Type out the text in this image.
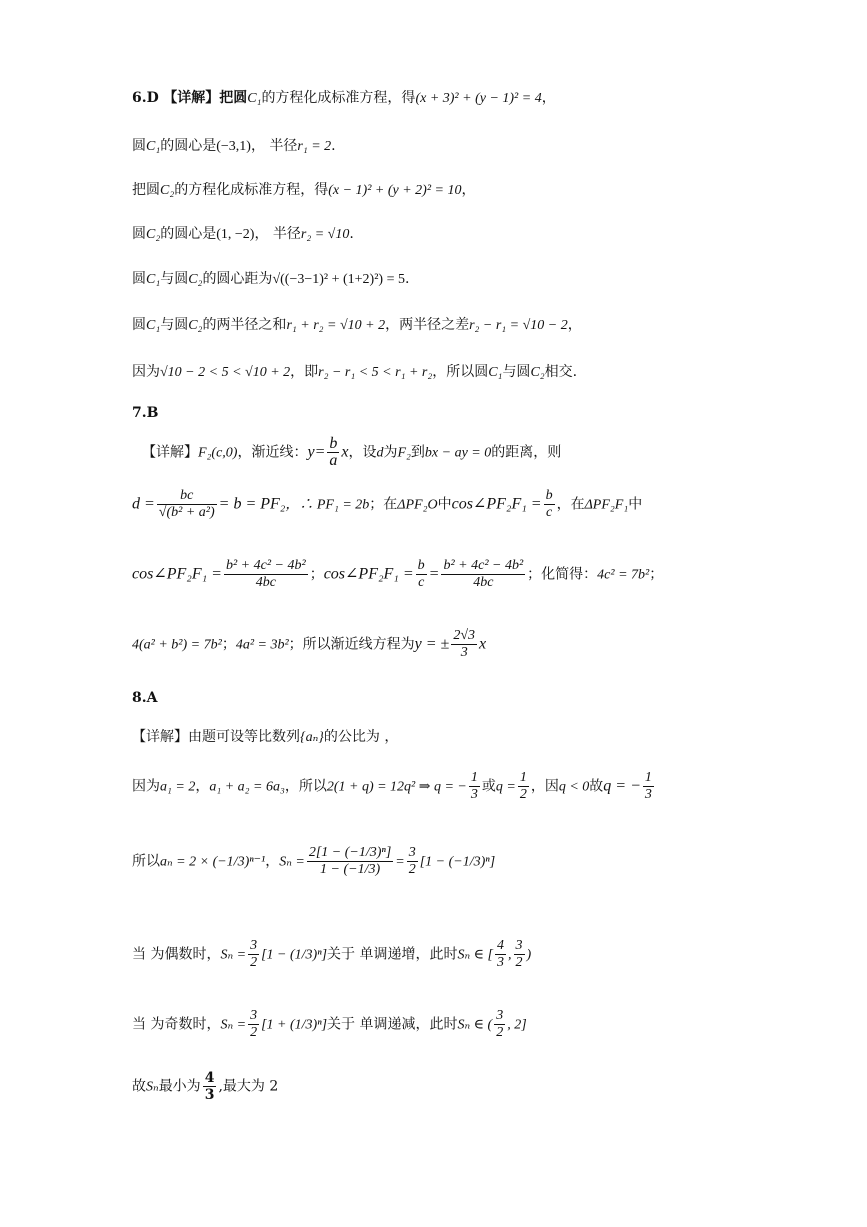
6.D 【详解】把圆C₁的方程化成标准方程，得(x + 3)² + (y − 1)² = 4，
圆C₁的圆心是(−3,1)， 半径r₁ = 2.
把圆C₂的方程化成标准方程，得(x − 1)² + (y + 2)² = 10，
圆C₂的圆心是(1, −2)， 半径r₂ = √10.
圆C₁与圆C₂的圆心距为√((−3−1)² + (1+2)²) = 5.
圆C₁与圆C₂的两半径之和r₁ + r₂ = √10 + 2，两半径之差r₂ − r₁ = √10 − 2，
因为√10 − 2 < 5 < √10 + 2，即r₂ − r₁ < 5 < r₁ + r₂，所以圆C₁与圆C₂相交.
7.B
【详解】F₂(c,0)，渐近线：$y= \frac{b}{a}$ x，设d为F₂到bx − ay = 0的距离，则
$d = \frac{bc}{\text{√(b² + a²)}} = b = PF_2$，∴ PF₁ = 2b；在ΔPF₂O中cos∠PF₂F₁ = $\frac{b}{c}$ ，在ΔPF₂F₁中
cos∠PF₂F₁ = $\frac{\text{b² + 4c² − 4b²}}{4bc}$ ；cos∠PF₂F₁ = $\frac{b}{c} = \frac{\text{b² + 4c² − 4b²}}{4bc}$ ；化简得：4c² = 7b²；
4(a² + b²) = 7b²；4a² = 3b²；所以渐近线方程为y = ± $\frac{2√3}{3}$ x
8.A
【详解】由题可设等比数列{aₙ}的公比为 ，
因为a₁ = 2，a₁ + a₂ = 6a₃，所以2(1 + q) = 12q² ⇒ q = − $\frac{1}{3}$ 或$q = \frac{1}{2}$ ，因q < 0故q = − $\frac{1}{3}$
所以aₙ = 2 × (−1/3)ⁿ⁻¹，$S_n = \frac{\text{2[1 − (−1/3)ⁿ]}}{1 - (-1/3)} = \frac{3}{2} [1 - (-1/3)^n]$
当 为偶数时，$S_n = \frac{3}{2} [1 - (1/3)^n]$关于 单调递增，此时Sₙ ∈ [ $\frac{4}{3}$ , $\frac{3}{2}$ )
当 为奇数时，$S_n = \frac{3}{2} [1 + (1/3)^n]$关于 单调递减，此时Sₙ ∈ ( $\frac{3}{2}$ , 2]
故Sₙ最小为 $\frac{4}{3}$ ,最大为 2
